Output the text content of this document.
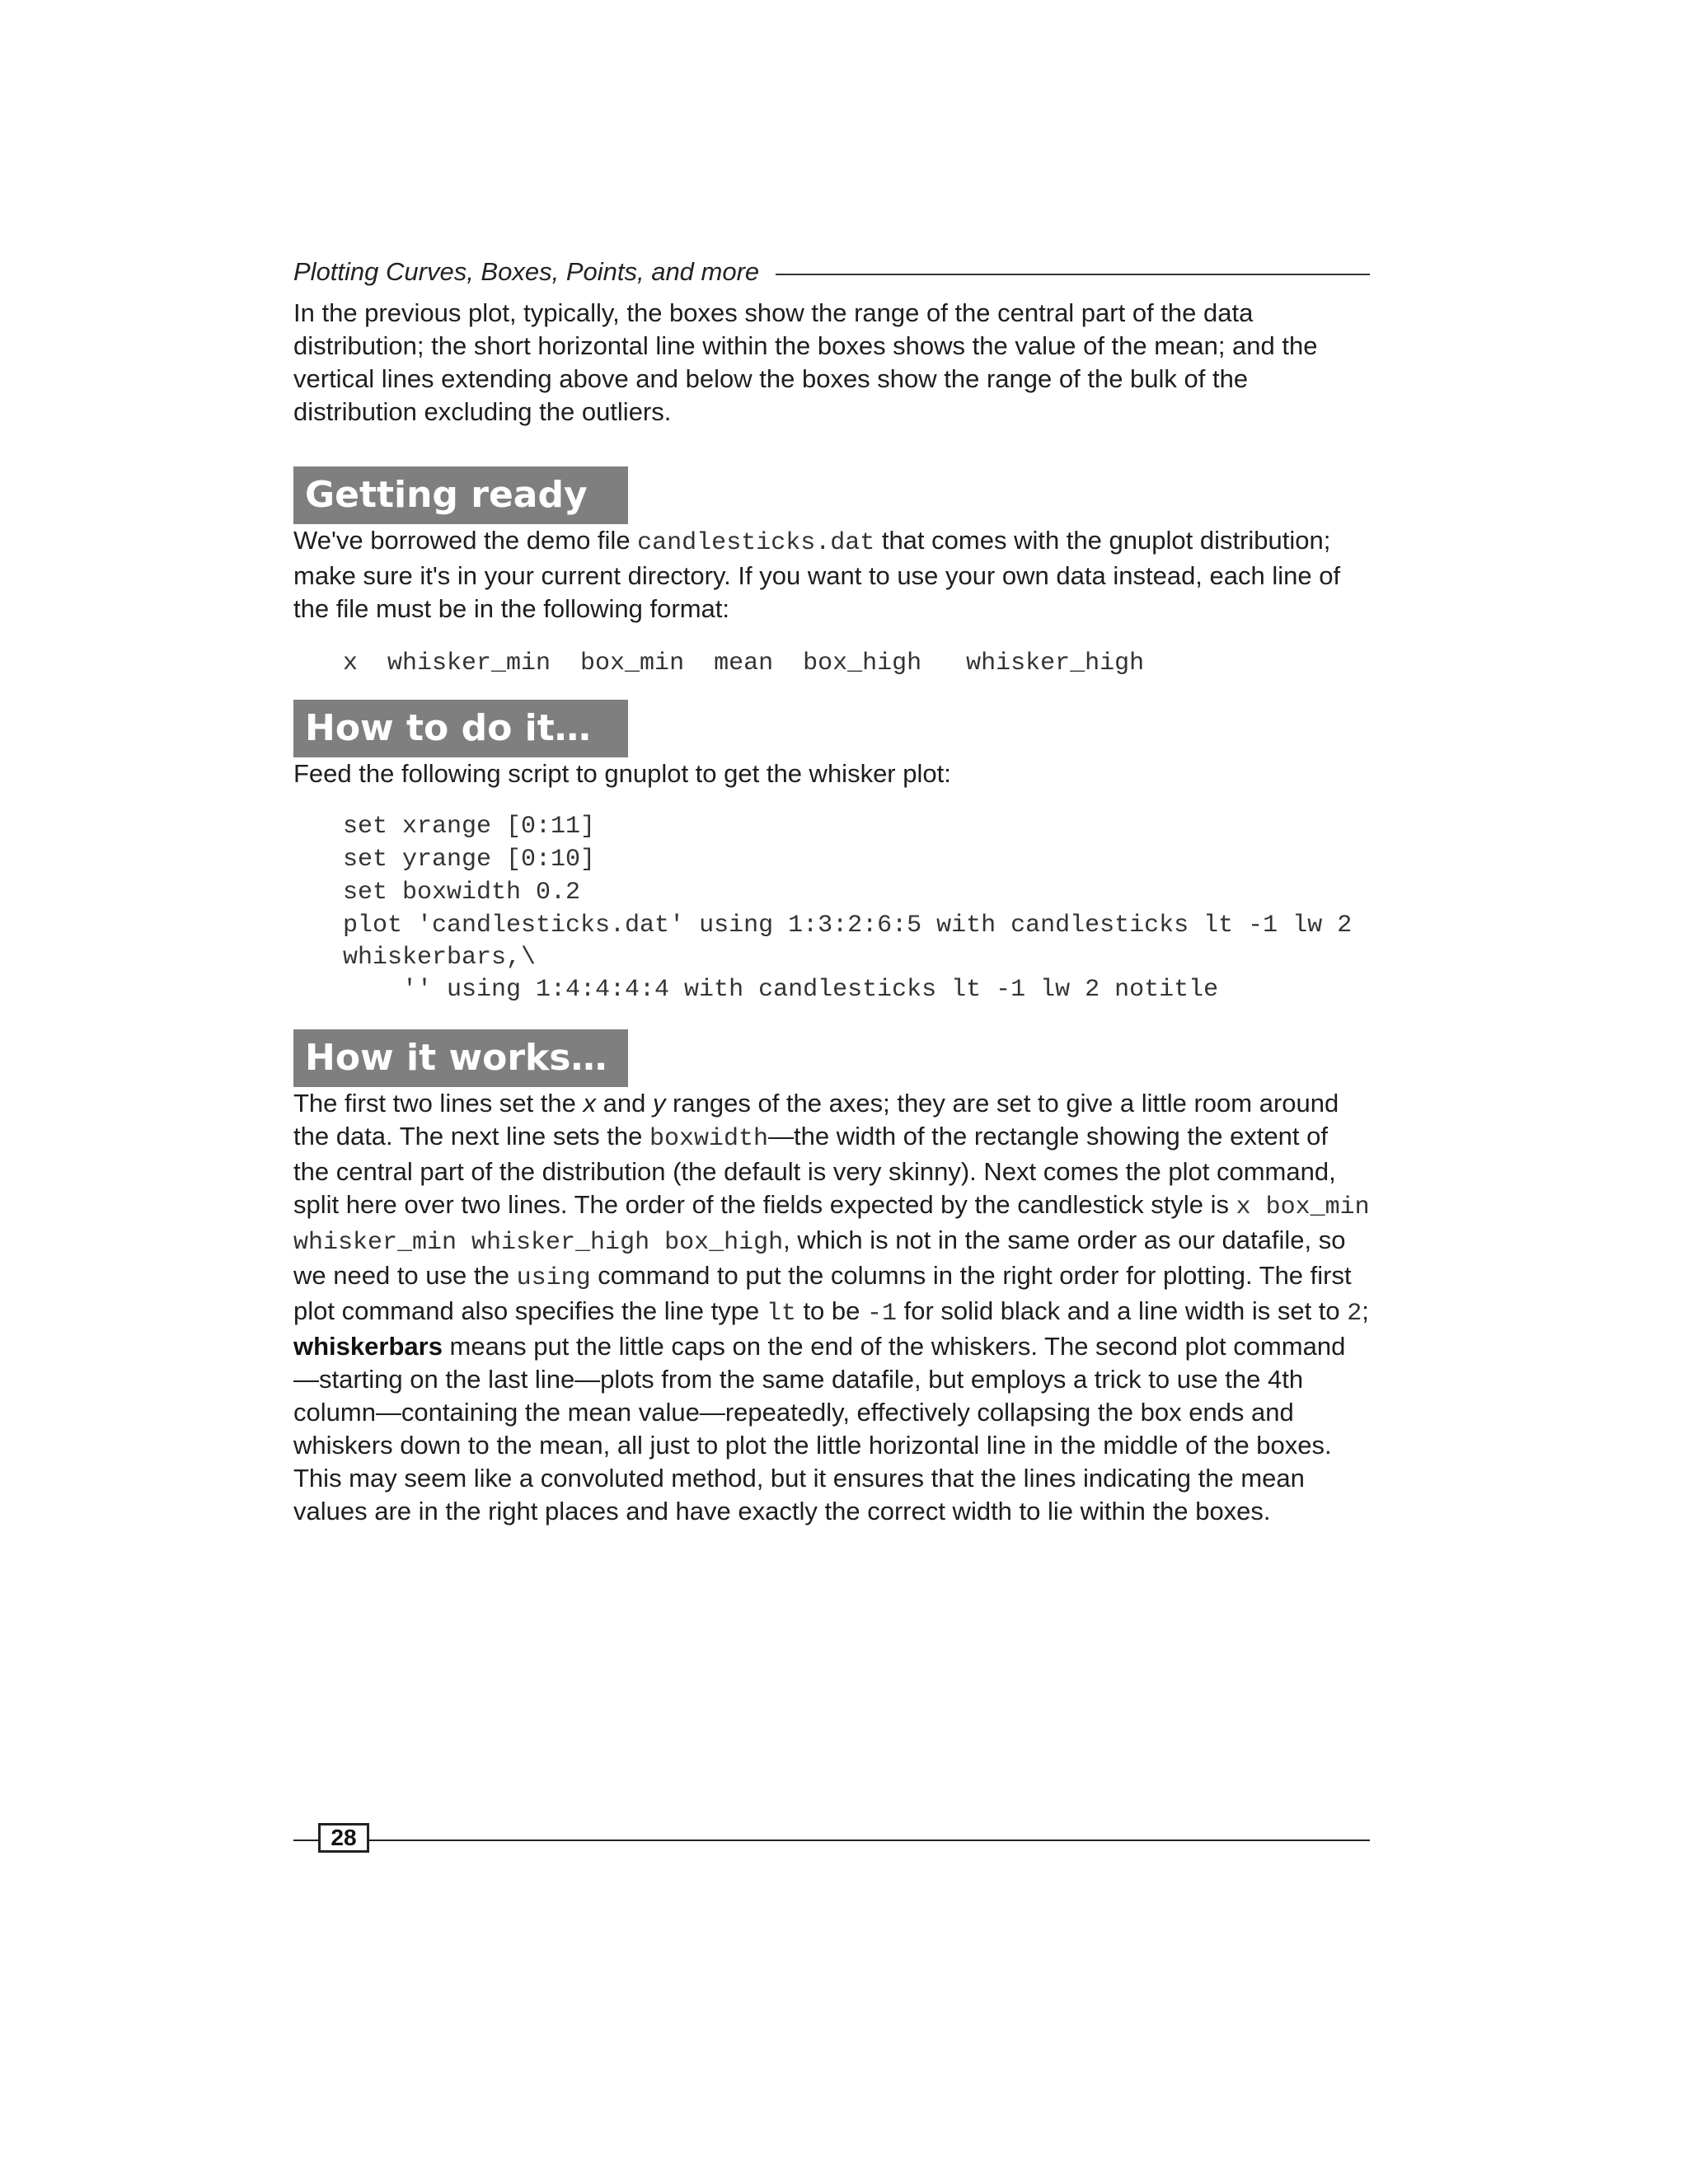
Plotting Curves, Boxes, Points, and more

In the previous plot, typically, the boxes show the range of the central part of the data distribution; the short horizontal line within the boxes shows the value of the mean; and the vertical lines extending above and below the boxes show the range of the bulk of the distribution excluding the outliers.

Getting ready

We've borrowed the demo file candlesticks.dat that comes with the gnuplot distribution; make sure it's in your current directory. If you want to use your own data instead, each line of the file must be in the following format:

x  whisker_min  box_min  mean  box_high   whisker_high
How to do it…

Feed the following script to gnuplot to get the whisker plot:

set xrange [0:11]
set yrange [0:10]
set boxwidth 0.2
plot 'candlesticks.dat' using 1:3:2:6:5 with candlesticks lt -1 lw 2
whiskerbars,\
'' using 1:4:4:4:4 with candlesticks lt -1 lw 2 notitle
How it works…

The first two lines set the x and y ranges of the axes; they are set to give a little room around the data. The next line sets the boxwidth—the width of the rectangle showing the extent of the central part of the distribution (the default is very skinny). Next comes the plot command, split here over two lines. The order of the fields expected by the candlestick style is x box_min whisker_min whisker_high box_high, which is not in the same order as our datafile, so we need to use the using command to put the columns in the right order for plotting. The first plot command also specifies the line type lt to be -1 for solid black and a line width is set to 2; whiskerbars means put the little caps on the end of the whiskers. The second plot command—starting on the last line—plots from the same datafile, but employs a trick to use the 4th column—containing the mean value—repeatedly, effectively collapsing the box ends and whiskers down to the mean, all just to plot the little horizontal line in the middle of the boxes. This may seem like a convoluted method, but it ensures that the lines indicating the mean values are in the right places and have exactly the correct width to lie within the boxes.

28
